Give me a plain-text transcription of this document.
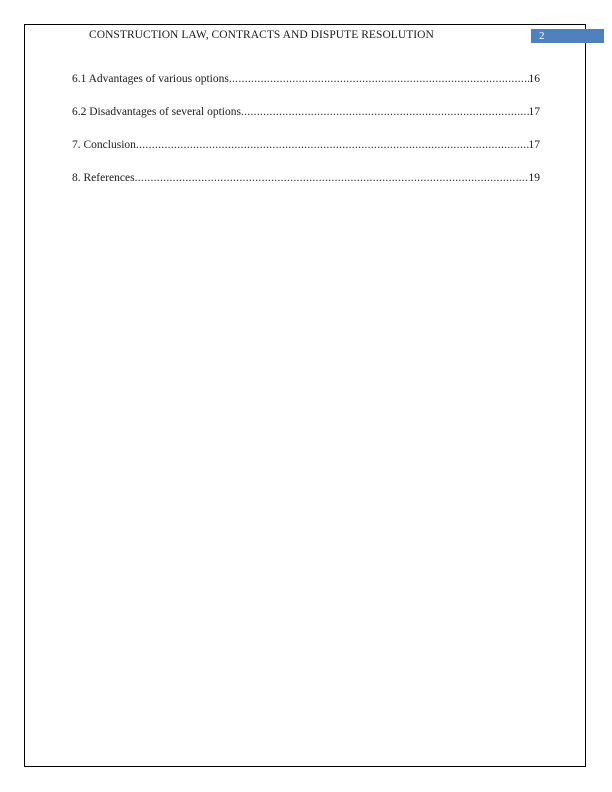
CONSTRUCTION LAW, CONTRACTS AND DISPUTE RESOLUTION	2
6.1 Advantages of various options .....	16
6.2 Disadvantages of several options .....	17
7. Conclusion .....	17
8. References .....	19
